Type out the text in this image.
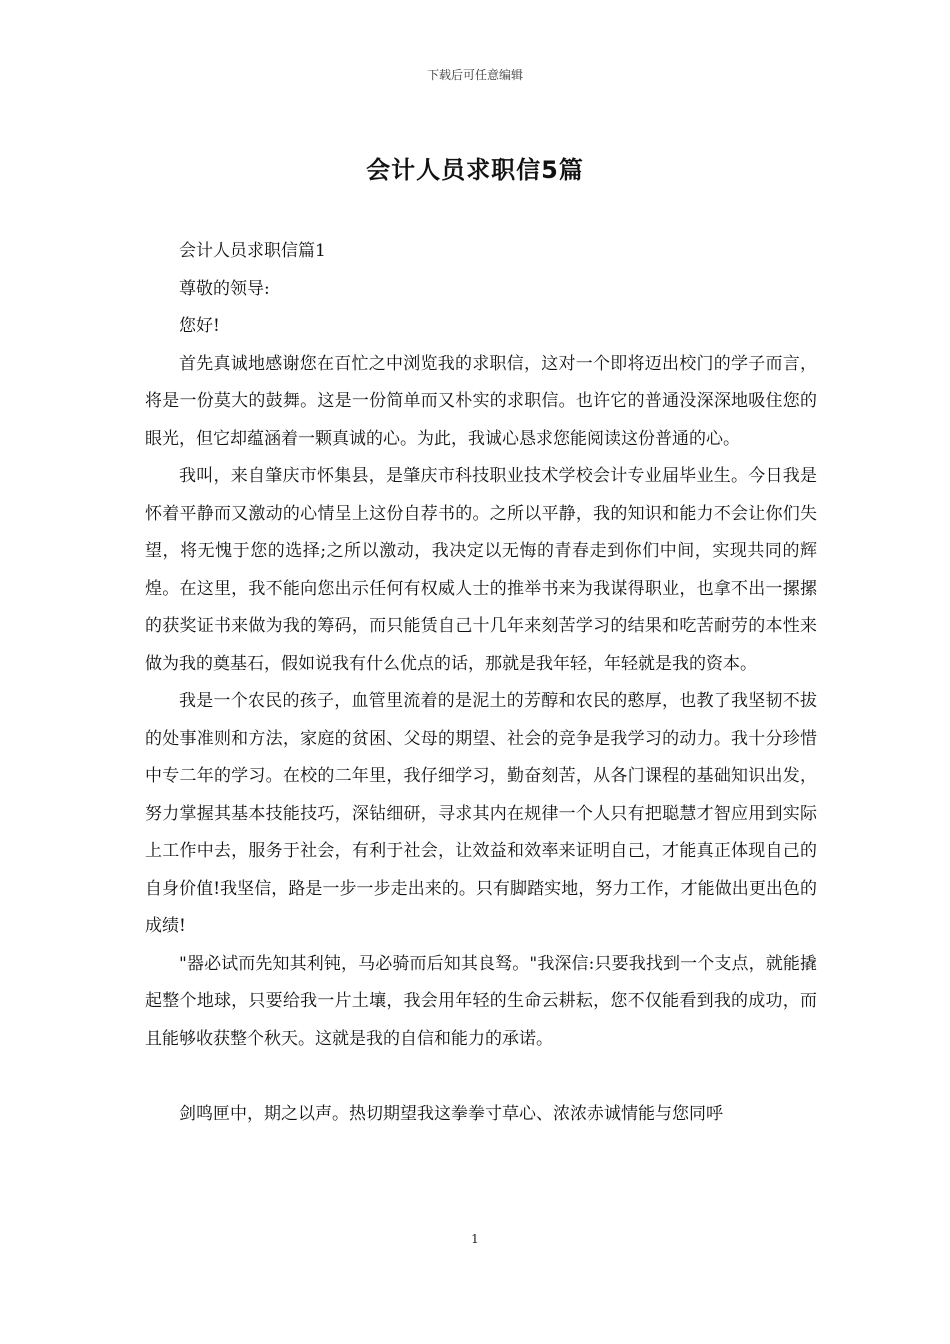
下载后可任意编辑
会计人员求职信5篇

会计人员求职信篇1

尊敬的领导:

您好!

首先真诚地感谢您在百忙之中浏览我的求职信，这对一个即将迈出校门的学子而言，将是一份莫大的鼓舞。这是一份简单而又朴实的求职信。也许它的普通没深深地吸住您的眼光，但它却蕴涵着一颗真诚的心。为此，我诚心恳求您能阅读这份普通的心。

我叫，来自肇庆市怀集县，是肇庆市科技职业技术学校会计专业届毕业生。今日我是怀着平静而又激动的心情呈上这份自荐书的。之所以平静，我的知识和能力不会让你们失望，将无愧于您的选择;之所以激动，我决定以无悔的青春走到你们中间，实现共同的辉煌。在这里，我不能向您出示任何有权威人士的推举书来为我谋得职业，也拿不出一摞摞的获奖证书来做为我的筹码，而只能赁自己十几年来刻苦学习的结果和吃苦耐劳的本性来做为我的奠基石，假如说我有什么优点的话，那就是我年轻，年轻就是我的资本。

我是一个农民的孩子，血管里流着的是泥土的芳醇和农民的憨厚，也教了我坚韧不拔的处事准则和方法，家庭的贫困、父母的期望、社会的竞争是我学习的动力。我十分珍惜中专二年的学习。在校的二年里，我仔细学习，勤奋刻苦，从各门课程的基础知识出发，努力掌握其基本技能技巧，深钻细研，寻求其内在规律一个人只有把聪慧才智应用到实际上工作中去，服务于社会，有利于社会，让效益和效率来证明自己，才能真正体现自己的自身价值!我坚信，路是一步一步走出来的。只有脚踏实地，努力工作，才能做出更出色的成绩!

"器必试而先知其利钝，马必骑而后知其良驽。"我深信:只要我找到一个支点，就能撬起整个地球，只要给我一片土壤，我会用年轻的生命云耕耘，您不仅能看到我的成功，而且能够收获整个秋天。这就是我的自信和能力的承诺。

剑鸣匣中，期之以声。热切期望我这拳拳寸草心、浓浓赤诚情能与您同呼

1
